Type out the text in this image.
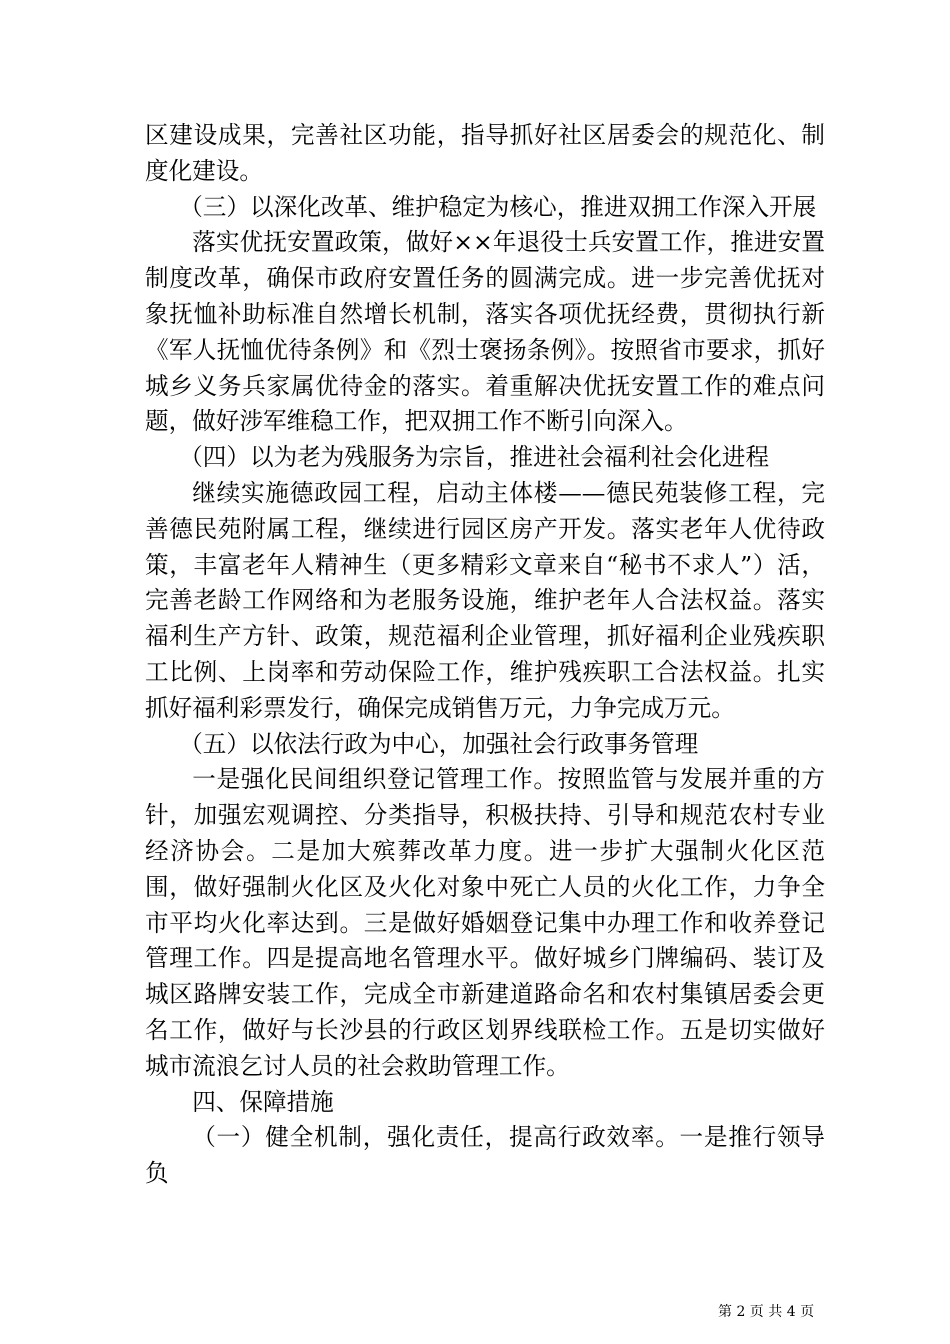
区建设成果，完善社区功能，指导抓好社区居委会的规范化、制度化建设。

（三）以深化改革、维护稳定为核心，推进双拥工作深入开展

落实优抚安置政策，做好××年退役士兵安置工作，推进安置制度改革，确保市政府安置任务的圆满完成。进一步完善优抚对象抚恤补助标准自然增长机制，落实各项优抚经费，贯彻执行新《军人抚恤优待条例》和《烈士褒扬条例》。按照省市要求，抓好城乡义务兵家属优待金的落实。着重解决优抚安置工作的难点问题，做好涉军维稳工作，把双拥工作不断引向深入。

（四）以为老为残服务为宗旨，推进社会福利社会化进程

继续实施德政园工程，启动主体楼——德民苑装修工程，完善德民苑附属工程，继续进行园区房产开发。落实老年人优待政策，丰富老年人精神生（更多精彩文章来自“秘书不求人”）活，完善老龄工作网络和为老服务设施，维护老年人合法权益。落实福利生产方针、政策，规范福利企业管理，抓好福利企业残疾职工比例、上岗率和劳动保险工作，维护残疾职工合法权益。扎实抓好福利彩票发行，确保完成销售万元，力争完成万元。

（五）以依法行政为中心，加强社会行政事务管理

一是强化民间组织登记管理工作。按照监管与发展并重的方针，加强宏观调控、分类指导，积极扶持、引导和规范农村专业经济协会。二是加大殡葬改革力度。进一步扩大强制火化区范围，做好强制火化区及火化对象中死亡人员的火化工作，力争全市平均火化率达到。三是做好婚姻登记集中办理工作和收养登记管理工作。四是提高地名管理水平。做好城乡门牌编码、装订及城区路牌安装工作，完成全市新建道路命名和农村集镇居委会更名工作，做好与长沙县的行政区划界线联检工作。五是切实做好城市流浪乞讨人员的社会救助管理工作。

四、保障措施

（一）健全机制，强化责任，提高行政效率。一是推行领导负

第 2 页 共 4 页
